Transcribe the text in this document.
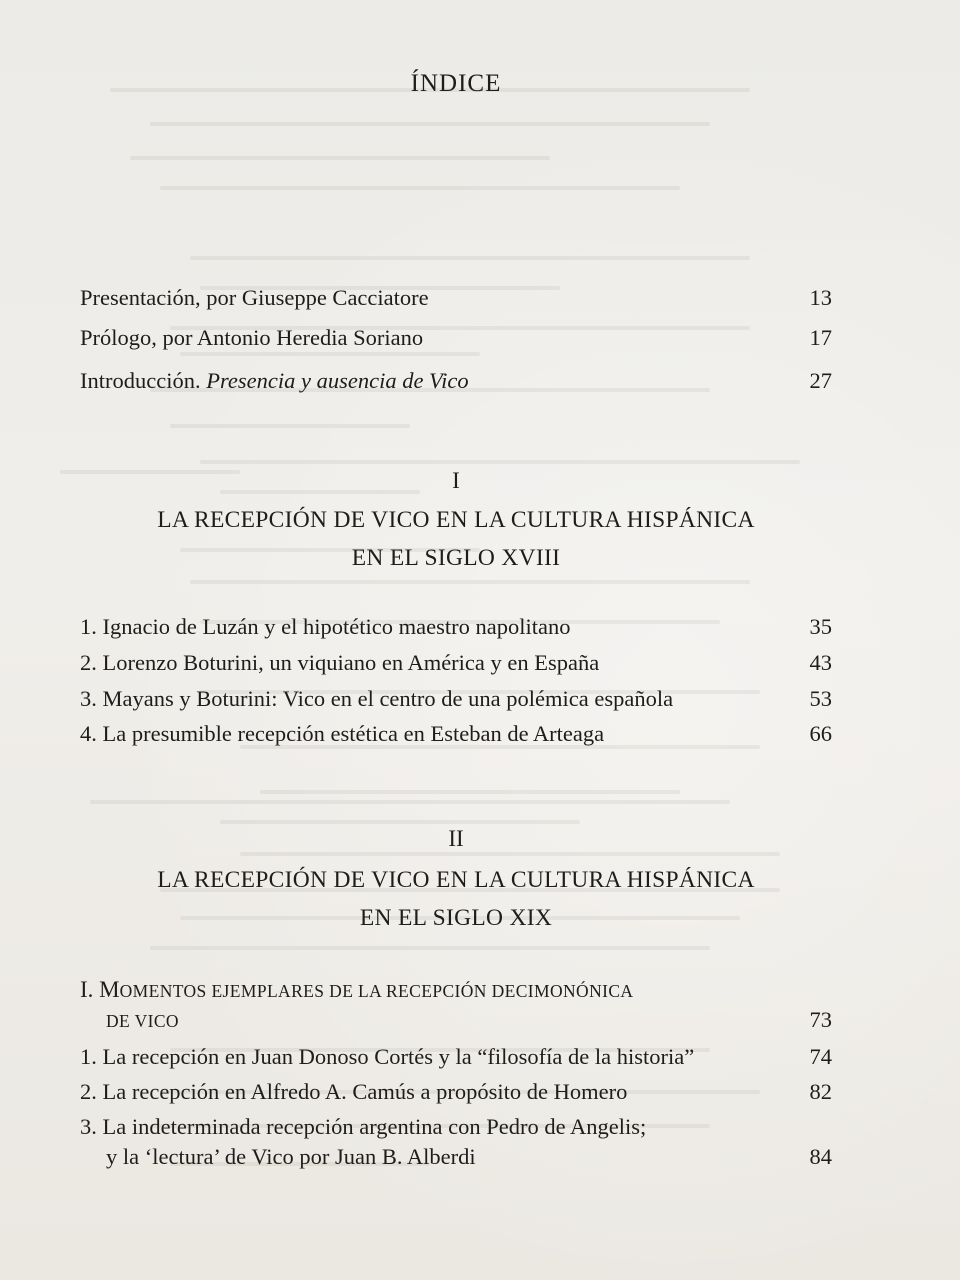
ÍNDICE
Presentación, por Giuseppe Cacciatore	13
Prólogo, por Antonio Heredia Soriano	17
Introducción. Presencia y ausencia de Vico	27
I
LA RECEPCIÓN DE VICO EN LA CULTURA HISPÁNICA
EN EL SIGLO XVIII
1. Ignacio de Luzán y el hipotético maestro napolitano	35
2. Lorenzo Boturini, un viquiano en América y en España	43
3. Mayans y Boturini: Vico en el centro de una polémica española	53
4. La presumible recepción estética en Esteban de Arteaga	66
II
LA RECEPCIÓN DE VICO EN LA CULTURA HISPÁNICA
EN EL SIGLO XIX
I. MOMENTOS EJEMPLARES DE LA RECEPCIÓN DECIMONÓNICA
DE VICO	73
1. La recepción en Juan Donoso Cortés y la “filosofía de la historia”	74
2. La recepción en Alfredo A. Camús a propósito de Homero	82
3. La indeterminada recepción argentina con Pedro de Angelis;
y la ‘lectura’ de Vico por Juan B. Alberdi	84
